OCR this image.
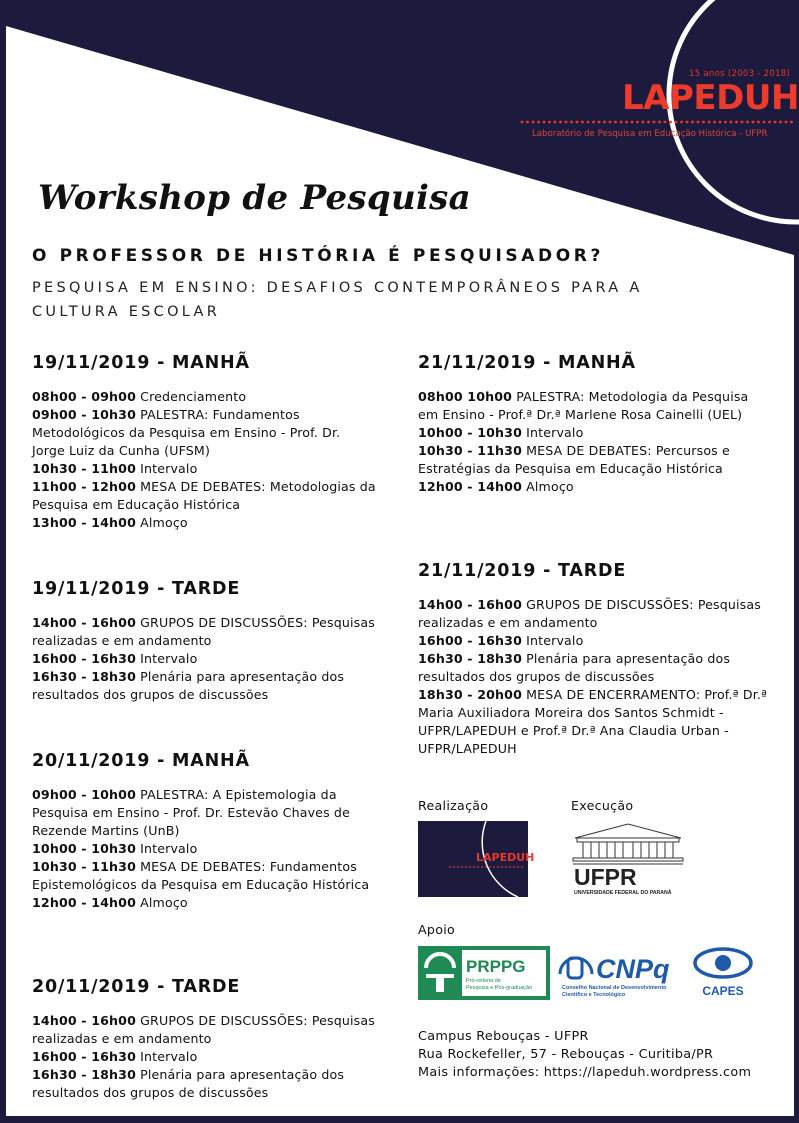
15 anos (2003 - 2018)
LAPEDUH
Laboratório de Pesquisa em Educação Histórica - UFPR
Workshop de Pesquisa
O PROFESSOR DE HISTÓRIA É PESQUISADOR?
PESQUISA EM ENSINO: DESAFIOS CONTEMPORÂNEOS PARA A CULTURA ESCOLAR
19/11/2019 - MANHÃ

08h00 - 09h00 Credenciamento

09h00 - 10h30 PALESTRA: Fundamentos Metodológicos da Pesquisa em Ensino - Prof. Dr. Jorge Luiz da Cunha (UFSM)

10h30 - 11h00 Intervalo

11h00 - 12h00 MESA DE DEBATES: Metodologias da Pesquisa em Educação Histórica

13h00 - 14h00 Almoço

19/11/2019 - TARDE

14h00 - 16h00 GRUPOS DE DISCUSSÕES: Pesquisas realizadas e em andamento

16h00 - 16h30 Intervalo

16h30 - 18h30 Plenária para apresentação dos resultados dos grupos de discussões

20/11/2019 - MANHÃ

09h00 - 10h00 PALESTRA: A Epistemologia da Pesquisa em Ensino - Prof. Dr. Estevão Chaves de Rezende Martins (UnB)

10h00 - 10h30 Intervalo

10h30 - 11h30 MESA DE DEBATES: Fundamentos Epistemológicos da Pesquisa em Educação Histórica

12h00 - 14h00 Almoço

20/11/2019 - TARDE

14h00 - 16h00 GRUPOS DE DISCUSSÕES: Pesquisas realizadas e em andamento

16h00 - 16h30 Intervalo

16h30 - 18h30 Plenária para apresentação dos resultados dos grupos de discussões

21/11/2019 - MANHÃ

08h00 10h00 PALESTRA: Metodologia da Pesquisa em Ensino - Prof.ª Dr.ª Marlene Rosa Cainelli (UEL)

10h00 - 10h30 Intervalo

10h30 - 11h30 MESA DE DEBATES: Percursos e Estratégias da Pesquisa em Educação Histórica

12h00 - 14h00 Almoço

21/11/2019 - TARDE

14h00 - 16h00 GRUPOS DE DISCUSSÕES: Pesquisas realizadas e em andamento

16h00 - 16h30 Intervalo

16h30 - 18h30 Plenária para apresentação dos resultados dos grupos de discussões

18h30 - 20h00 MESA DE ENCERRAMENTO: Prof.ª Dr.ª Maria Auxiliadora Moreira dos Santos Schmidt - UFPR/LAPEDUH e Prof.ª Dr.ª Ana Claudia Urban - UFPR/LAPEDUH

Realização	Execução
LAPEDUH
UFPR
UNIVERSIDADE FEDERAL DO PARANÁ
Apoio
PRPPG
Pró-reitoria de
Pesquisa e Pós-graduação
CNPq
Conselho Nacional de Desenvolvimento
Científico e Tecnológico	CAPES
Campus Rebouças - UFPR
Rua Rockefeller, 57 - Rebouças - Curitiba/PR
Mais informações: https://lapeduh.wordpress.com
